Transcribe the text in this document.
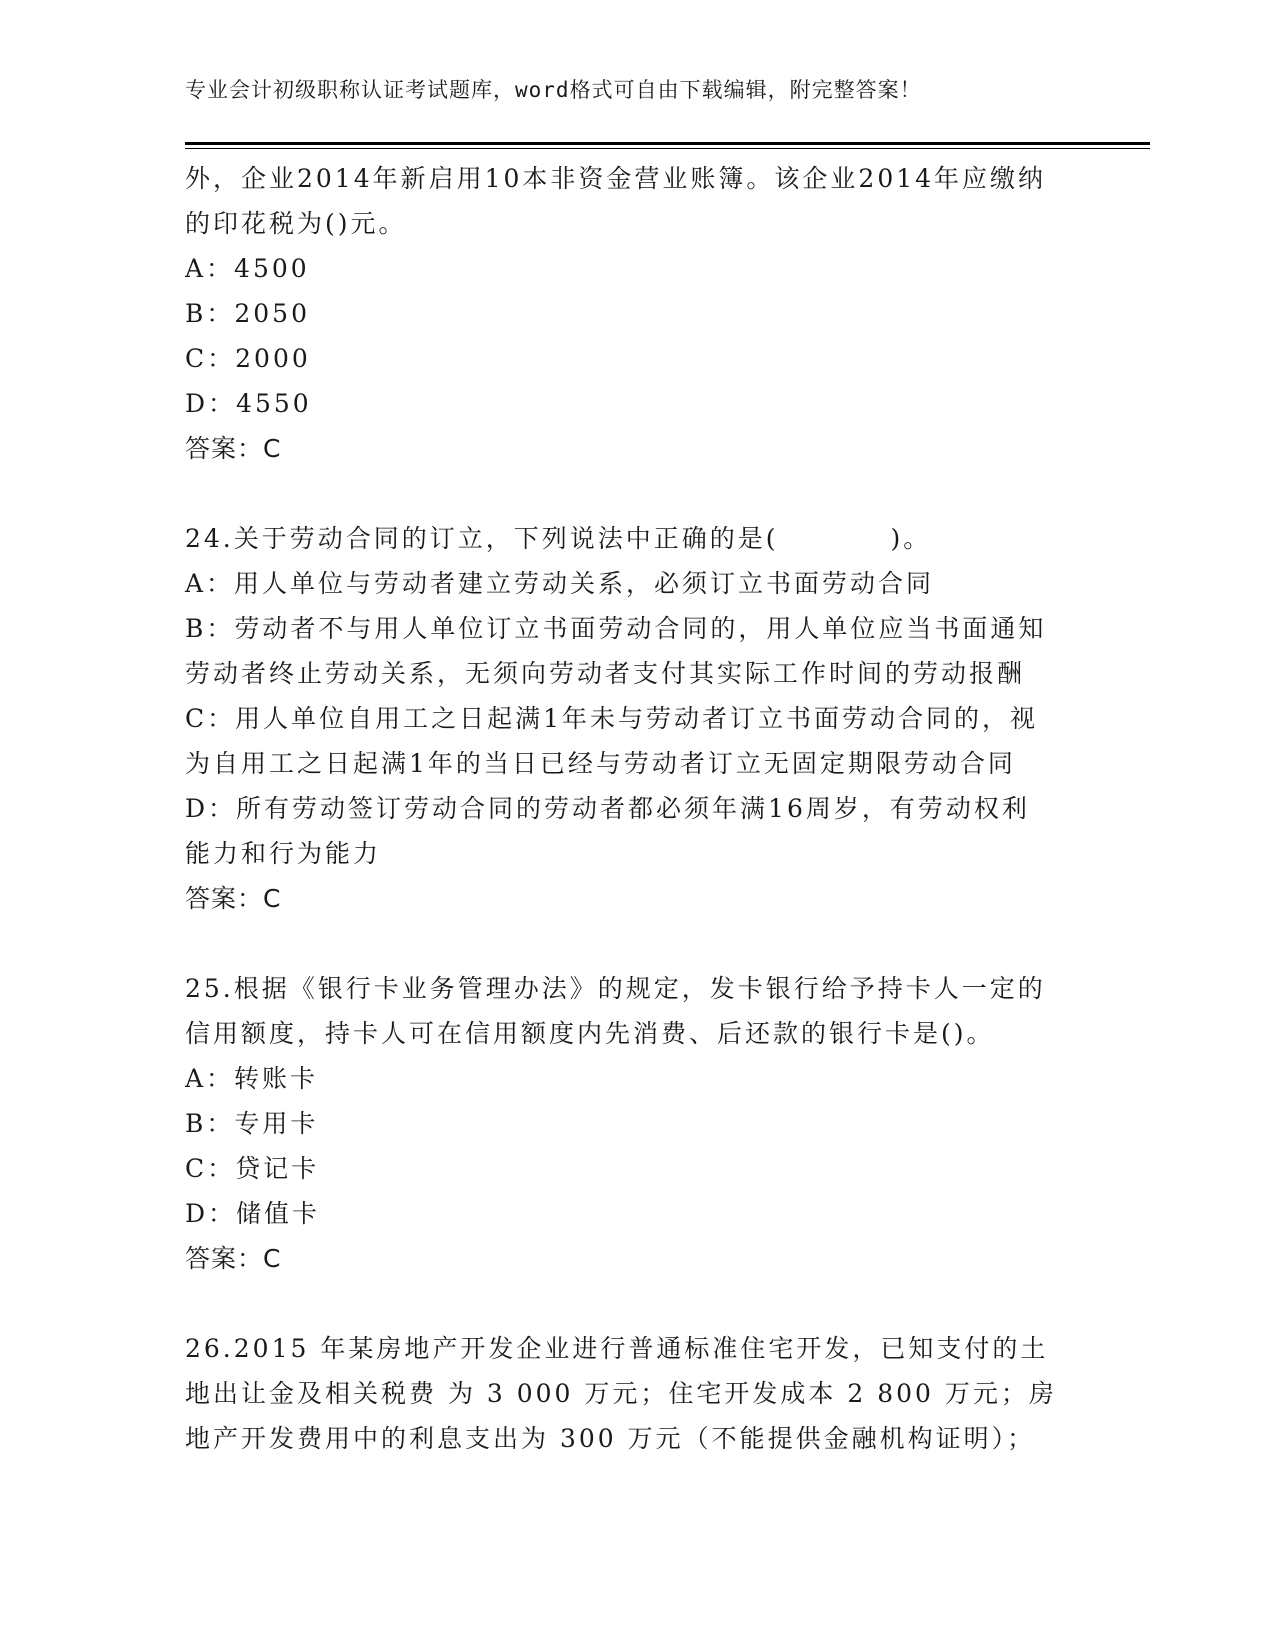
专业会计初级职称认证考试题库，word格式可自由下载编辑，附完整答案！
外，企业2014年新启用10本非资金营业账簿。该企业2014年应缴纳
的印花税为()元。
A：4500
B：2050
C：2000
D：4550
答案：C
24.关于劳动合同的订立，下列说法中正确的是(　　　　)。
A：用人单位与劳动者建立劳动关系，必须订立书面劳动合同
B：劳动者不与用人单位订立书面劳动合同的，用人单位应当书面通知
劳动者终止劳动关系，无须向劳动者支付其实际工作时间的劳动报酬
C：用人单位自用工之日起满1年未与劳动者订立书面劳动合同的，视
为自用工之日起满1年的当日已经与劳动者订立无固定期限劳动合同
D：所有劳动签订劳动合同的劳动者都必须年满16周岁，有劳动权利
能力和行为能力
答案：C
25.根据《银行卡业务管理办法》的规定，发卡银行给予持卡人一定的
信用额度，持卡人可在信用额度内先消费、后还款的银行卡是()。
A：转账卡
B：专用卡
C：贷记卡
D：储值卡
答案：C
26.2015 年某房地产开发企业进行普通标准住宅开发，已知支付的土
地出让金及相关税费 为 3 000 万元；住宅开发成本 2 800 万元；房
地产开发费用中的利息支出为 300 万元（不能提供金融机构证明）；
